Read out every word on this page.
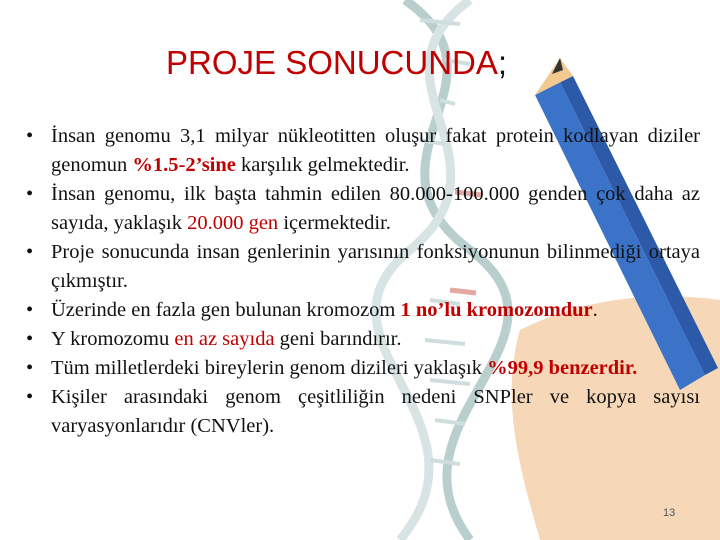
PROJE SONUCUNDA;
• İnsan genomu 3,1 milyar nükleotitten oluşur fakat protein kodlayan diziler genomun %1.5-2’sine karşılık gelmektedir.
• İnsan genomu, ilk başta tahmin edilen 80.000-100.000 genden çok daha az sayıda, yaklaşık 20.000 gen içermektedir.
• Proje sonucunda insan genlerinin yarısının fonksiyonunun bilinmediği ortaya çıkmıştır.
• Üzerinde en fazla gen bulunan kromozom 1 no’lu kromozomdur.
• Y kromozomu en az sayıda geni barındırır.
• Tüm milletlerdeki bireylerin genom dizileri yaklaşık %99,9 benzerdir.
• Kişiler arasındaki genom çeşitliliğin nedeni SNPler ve kopya sayısı varyasyonlarıdır (CNVler).
13
